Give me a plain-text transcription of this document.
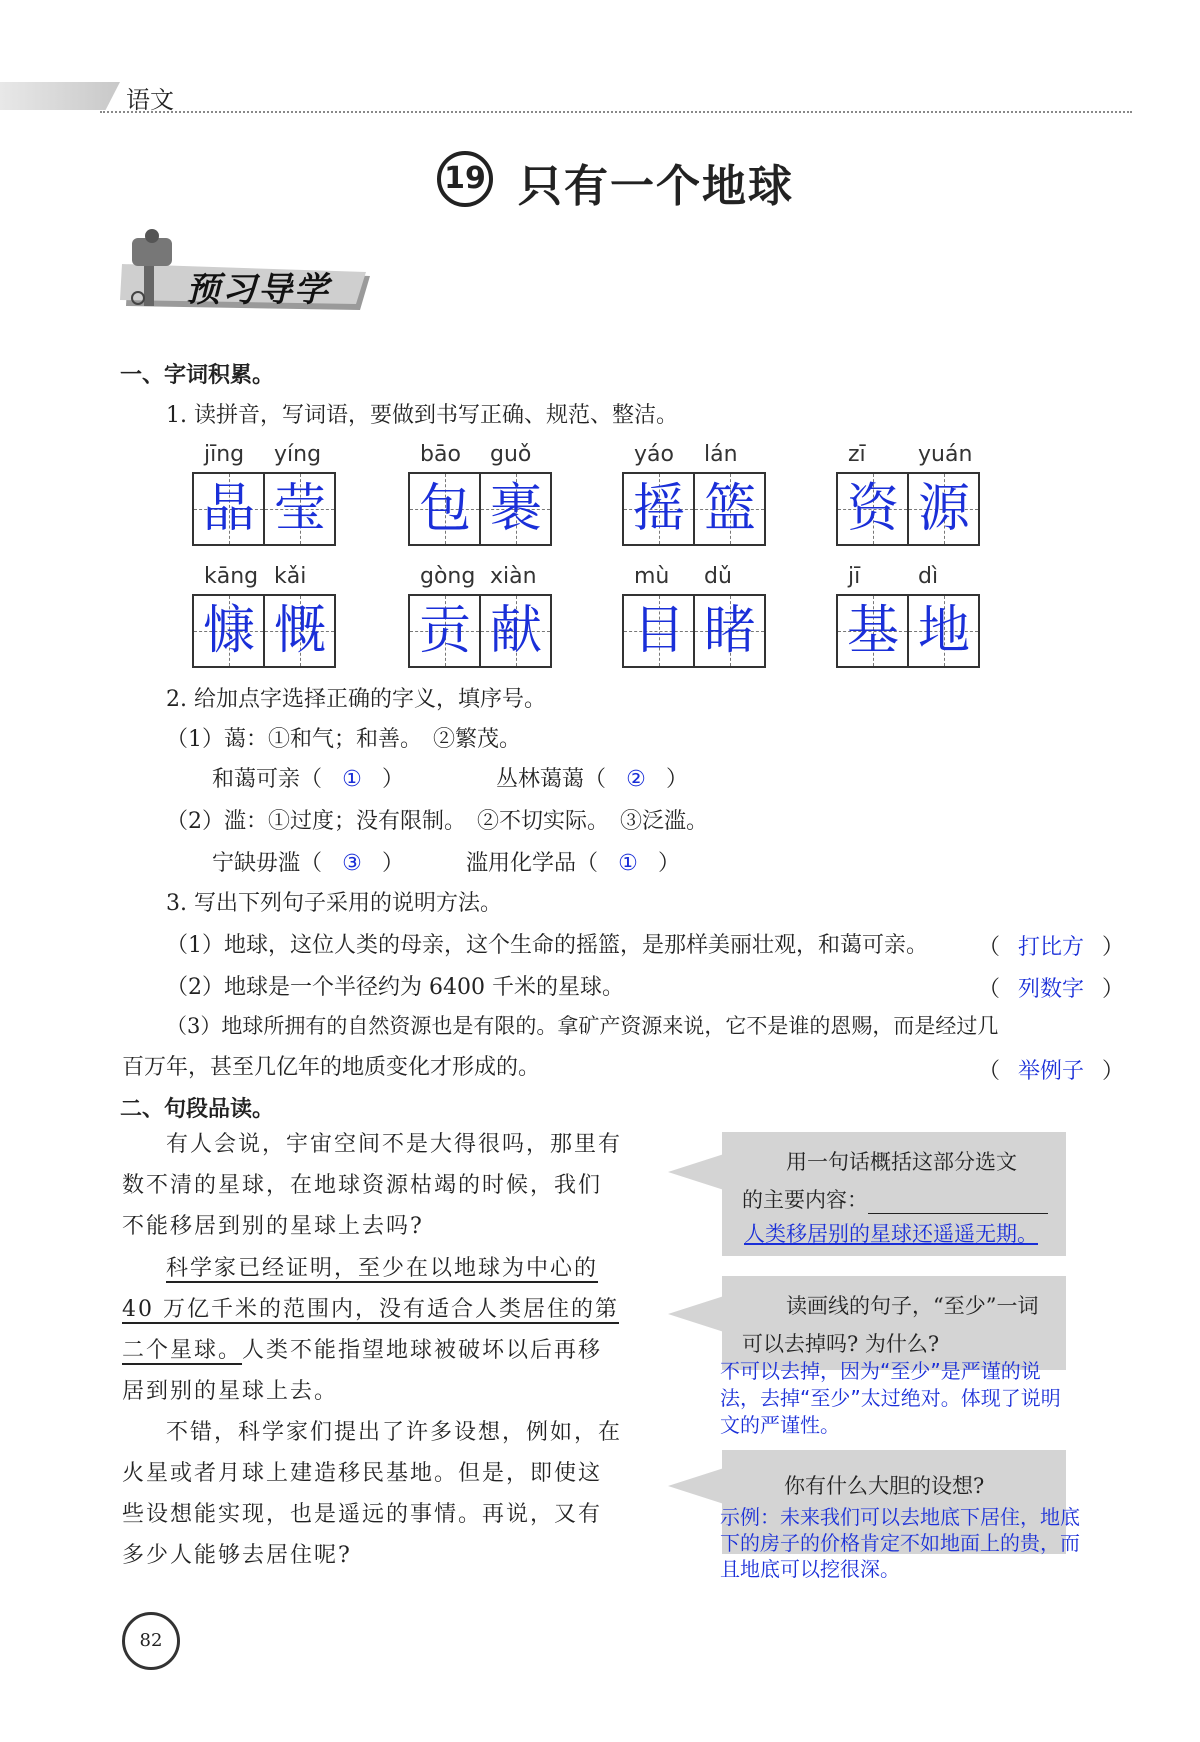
语文
19 只有一个地球
预习导学
一、字词积累。
1. 读拼音，写词语，要做到书写正确、规范、整洁。
jīng yíng
晶 莹
bāo guǒ
包 裹
yáo lán
摇 篮
zī yuán
资 源
kāng kǎi
慷 慨
gòng xiàn
贡 献
mù dǔ
目 睹
jī	dì
基 地
2. 给加点字选择正确的字义，填序号。
（1）蔼：①和气；和善。　②繁茂。
和蔼可亲（ ① ）	丛林蔼蔼（ ② ）
（2）滥：①过度；没有限制。　②不切实际。　③泛滥。
宁缺毋滥（ ③ ）	滥用化学品（ ① ）
3. 写出下列句子采用的说明方法。
（1）地球，这位人类的母亲，这个生命的摇篮，是那样美丽壮观，和蔼可亲。 （ 打比方 ）
（2）地球是一个半径约为 6400 千米的星球。	（ 列数字 ）
（3）地球所拥有的自然资源也是有限的。拿矿产资源来说，它不是谁的恩赐，而是经过几
百万年，甚至几亿年的地质变化才形成的。	（ 举例子 ）
二、句段品读。
有人会说，宇宙空间不是大得很吗，那里有数不清的星球，在地球资源枯竭的时候，我们不能移居到别的星球上去吗?
科学家已经证明，至少在以地球为中心的40 万亿千米的范围内，没有适合人类居住的第二个星球。人类不能指望地球被破坏以后再移居到别的星球上去。
不错，科学家们提出了许多设想，例如，在火星或者月球上建造移民基地。但是，即使这些设想能实现，也是遥远的事情。再说，又有多少人能够去居住呢?
用一句话概括这部分选文
的主要内容：
人类移居别的星球还遥遥无期。
读画线的句子，“至少”一词
可以去掉吗? 为什么?
不可以去掉，因为“至少”是严谨的说法，去掉“至少”太过绝对。体现了说明文的严谨性。
你有什么大胆的设想?
示例：未来我们可以去地底下居住，地底下的房子的价格肯定不如地面上的贵，而且地底可以挖很深。
82
